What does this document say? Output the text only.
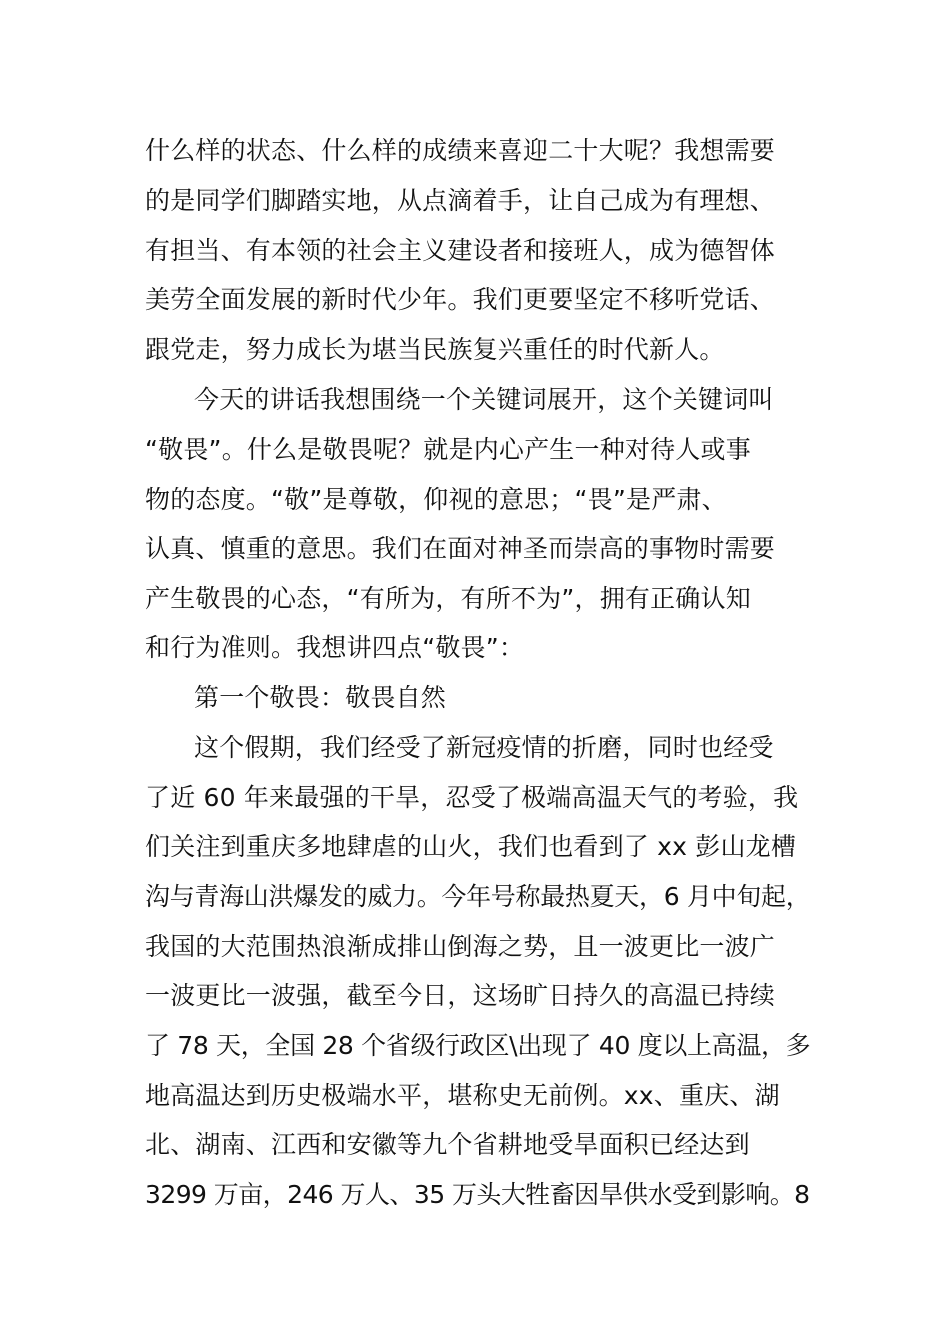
什么样的状态、什么样的成绩来喜迎二十大呢？我想需要
的是同学们脚踏实地，从点滴着手，让自己成为有理想、
有担当、有本领的社会主义建设者和接班人，成为德智体
美劳全面发展的新时代少年。我们更要坚定不移听党话、
跟党走，努力成长为堪当民族复兴重任的时代新人。
今天的讲话我想围绕一个关键词展开，这个关键词叫
“敬畏”。什么是敬畏呢？就是内心产生一种对待人或事
物的态度。“敬”是尊敬，仰视的意思；“畏”是严肃、
认真、慎重的意思。我们在面对神圣而崇高的事物时需要
产生敬畏的心态，“有所为，有所不为”，拥有正确认知
和行为准则。我想讲四点“敬畏”：
第一个敬畏：敬畏自然
这个假期，我们经受了新冠疫情的折磨，同时也经受
了近 60 年来最强的干旱，忍受了极端高温天气的考验，我
们关注到重庆多地肆虐的山火，我们也看到了 xx 彭山龙槽
沟与青海山洪爆发的威力。今年号称最热夏天，6 月中旬起，
我国的大范围热浪渐成排山倒海之势，且一波更比一波广
一波更比一波强，截至今日，这场旷日持久的高温已持续
了 78 天，全国 28 个省级行政区\出现了 40 度以上高温，多
地高温达到历史极端水平，堪称史无前例。xx、重庆、湖
北、湖南、江西和安徽等九个省耕地受旱面积已经达到
3299 万亩，246 万人、35 万头大牲畜因旱供水受到影响。8
